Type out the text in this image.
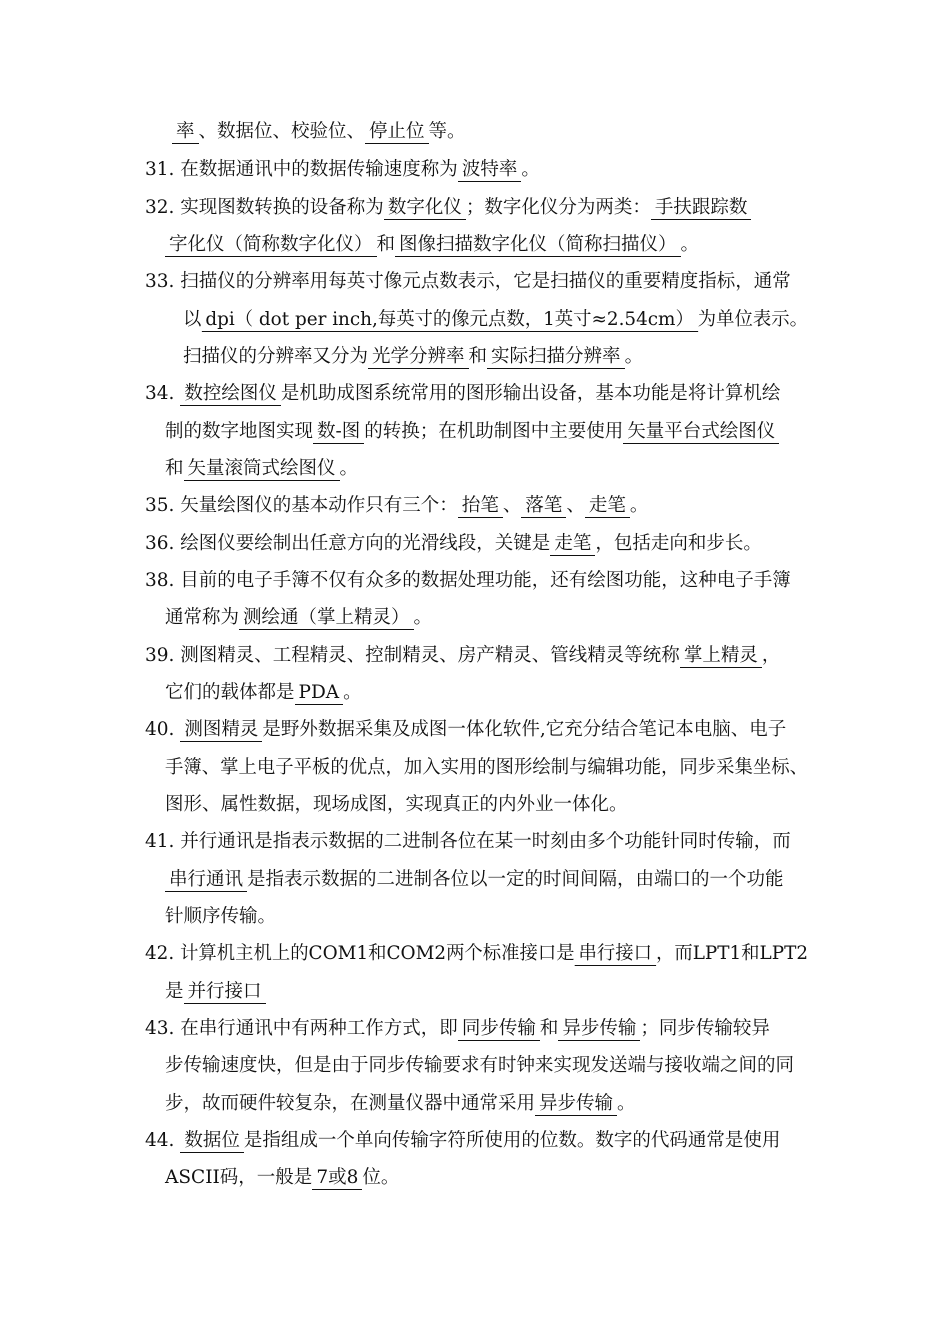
率 、数据位、校验位、 停止位 等。
31. 在数据通讯中的数据传输速度称为 波特率 。
32. 实现图数转换的设备称为 数字化仪 ；数字化仪分为两类： 手扶跟踪数
字化仪（简称数字化仪） 和 图像扫描数字化仪（简称扫描仪） 。
33. 扫描仪的分辨率用每英寸像元点数表示，它是扫描仪的重要精度指标，通常
以 dpi（ dot per inch,每英寸的像元点数，1英寸≈2.54cm） 为单位表示。
扫描仪的分辨率又分为 光学分辨率 和 实际扫描分辨率 。
34. 数控绘图仪 是机助成图系统常用的图形输出设备，基本功能是将计算机绘
制的数字地图实现 数-图 的转换；在机助制图中主要使用 矢量平台式绘图仪
和 矢量滚筒式绘图仪 。
35. 矢量绘图仪的基本动作只有三个： 抬笔 、 落笔 、 走笔 。
36. 绘图仪要绘制出任意方向的光滑线段，关键是 走笔 ，包括走向和步长。
38. 目前的电子手簿不仅有众多的数据处理功能，还有绘图功能，这种电子手簿
通常称为 测绘通（掌上精灵） 。
39. 测图精灵、工程精灵、控制精灵、房产精灵、管线精灵等统称 掌上精灵 ，
它们的载体都是 PDA 。
40. 测图精灵 是野外数据采集及成图一体化软件,它充分结合笔记本电脑、电子
手簿、掌上电子平板的优点，加入实用的图形绘制与编辑功能，同步采集坐标、
图形、属性数据，现场成图，实现真正的内外业一体化。
41. 并行通讯是指表示数据的二进制各位在某一时刻由多个功能针同时传输，而
串行通讯 是指表示数据的二进制各位以一定的时间间隔，由端口的一个功能
针顺序传输。
42. 计算机主机上的COM1和COM2两个标准接口是 串行接口 ，而LPT1和LPT2
是 并行接口
43. 在串行通讯中有两种工作方式，即 同步传输 和 异步传输 ；同步传输较异
步传输速度快，但是由于同步传输要求有时钟来实现发送端与接收端之间的同
步，故而硬件较复杂，在测量仪器中通常采用 异步传输 。
44. 数据位 是指组成一个单向传输字符所使用的位数。数字的代码通常是使用
ASCII码，一般是 7或8 位。
